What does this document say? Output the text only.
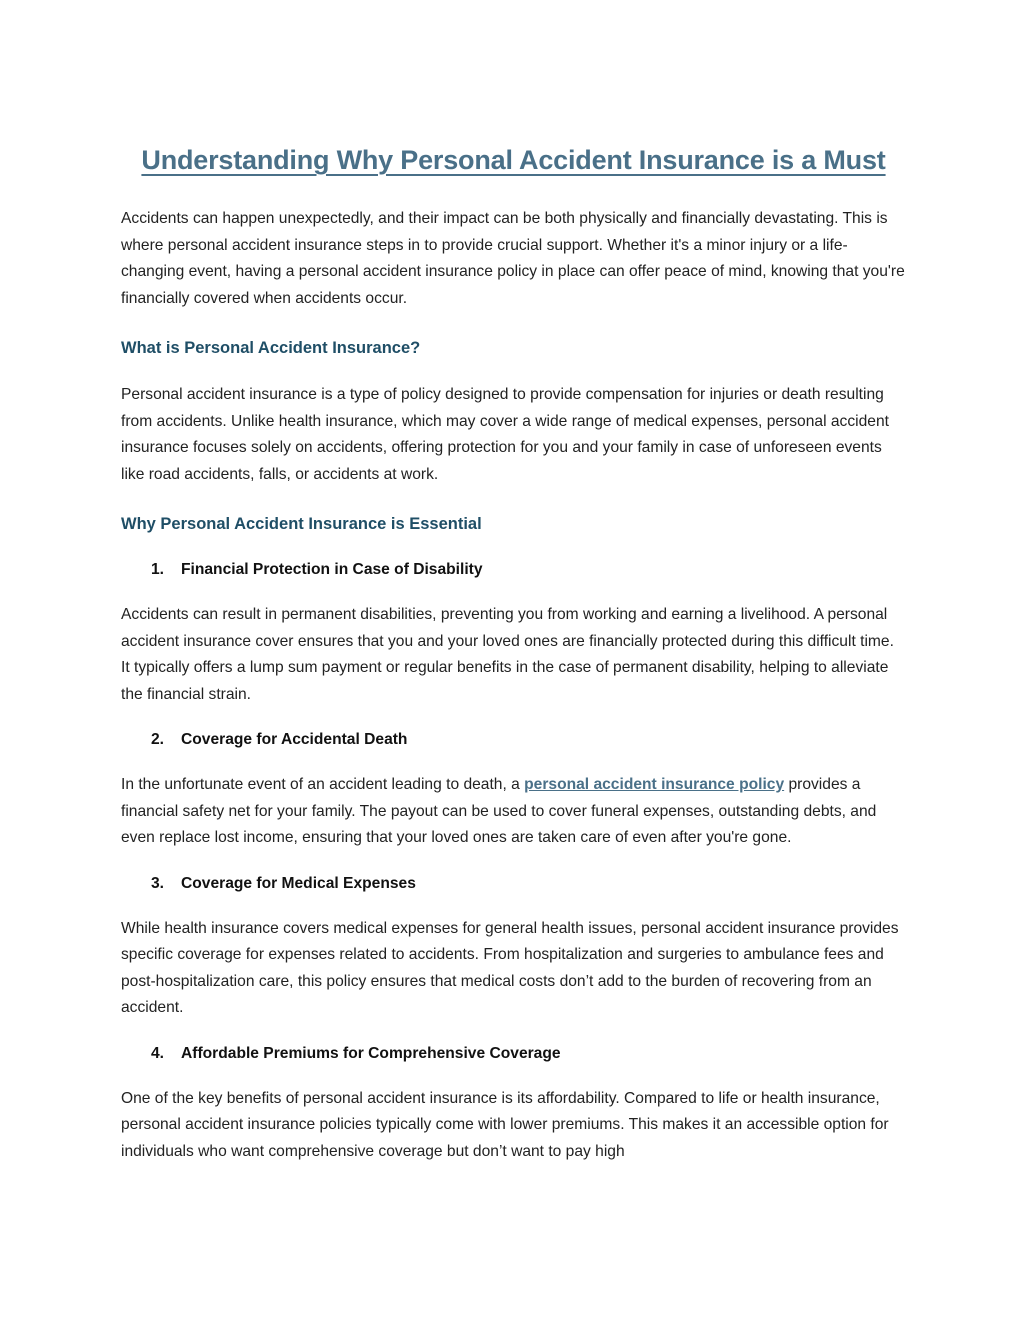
Understanding Why Personal Accident Insurance is a Must

Accidents can happen unexpectedly, and their impact can be both physically and financially devastating. This is where personal accident insurance steps in to provide crucial support. Whether it's a minor injury or a life-changing event, having a personal accident insurance policy in place can offer peace of mind, knowing that you're financially covered when accidents occur.

What is Personal Accident Insurance?

Personal accident insurance is a type of policy designed to provide compensation for injuries or death resulting from accidents. Unlike health insurance, which may cover a wide range of medical expenses, personal accident insurance focuses solely on accidents, offering protection for you and your family in case of unforeseen events like road accidents, falls, or accidents at work.

Why Personal Accident Insurance is Essential
1.	Financial Protection in Case of Disability

Accidents can result in permanent disabilities, preventing you from working and earning a livelihood. A personal accident insurance cover ensures that you and your loved ones are financially protected during this difficult time. It typically offers a lump sum payment or regular benefits in the case of permanent disability, helping to alleviate the financial strain.

2.	Coverage for Accidental Death

In the unfortunate event of an accident leading to death, a personal accident insurance policy provides a financial safety net for your family. The payout can be used to cover funeral expenses, outstanding debts, and even replace lost income, ensuring that your loved ones are taken care of even after you're gone.

3.	Coverage for Medical Expenses

While health insurance covers medical expenses for general health issues, personal accident insurance provides specific coverage for expenses related to accidents. From hospitalization and surgeries to ambulance fees and post-hospitalization care, this policy ensures that medical costs don’t add to the burden of recovering from an accident.

4.	Affordable Premiums for Comprehensive Coverage

One of the key benefits of personal accident insurance is its affordability. Compared to life or health insurance, personal accident insurance policies typically come with lower premiums. This makes it an accessible option for individuals who want comprehensive coverage but don’t want to pay high
